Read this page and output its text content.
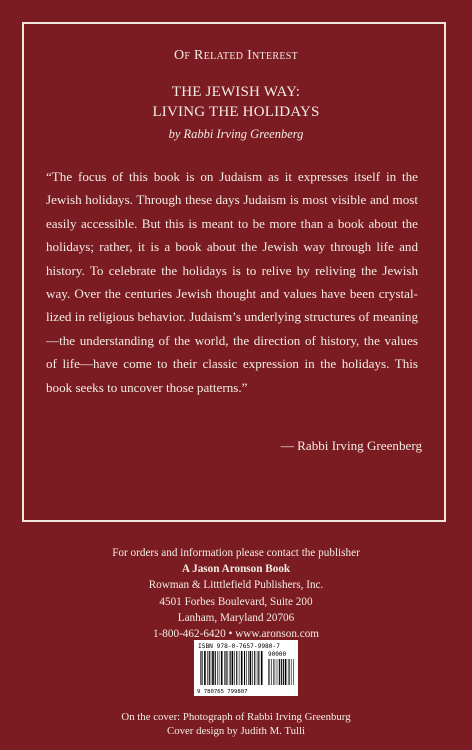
Of Related Interest
THE JEWISH WAY:
LIVING THE HOLIDAYS
by Rabbi Irving Greenberg

“The focus of this book is on Judaism as it expresses itself in the Jewish holidays. Through these days Judaism is most visible and most easily accessible. But this is meant to be more than a book about the holidays; rather, it is a book about the Jewish way through life and history. To celebrate the holidays is to relive by reliving the Jewish way. Over the centuries Jewish thought and values have been crystallized in religious behavior. Judaism’s underlying structures of meaning—the understanding of the world, the direction of history, the values of life—have come to their classic expression in the holidays. This book seeks to uncover those patterns.”

— Rabbi Irving Greenberg
For orders and information please contact the publisher
A Jason Aronson Book
Rowman & Litttlefield Publishers, Inc.
4501 Forbes Boulevard, Suite 200
Lanham, Maryland 20706
1-800-462-6420 • www.aronson.com
ISBN 978-0-7657-9980-7
90000
9 780765 799807
On the cover: Photograph of Rabbi Irving Greenburg
Cover design by Judith M. Tulli
